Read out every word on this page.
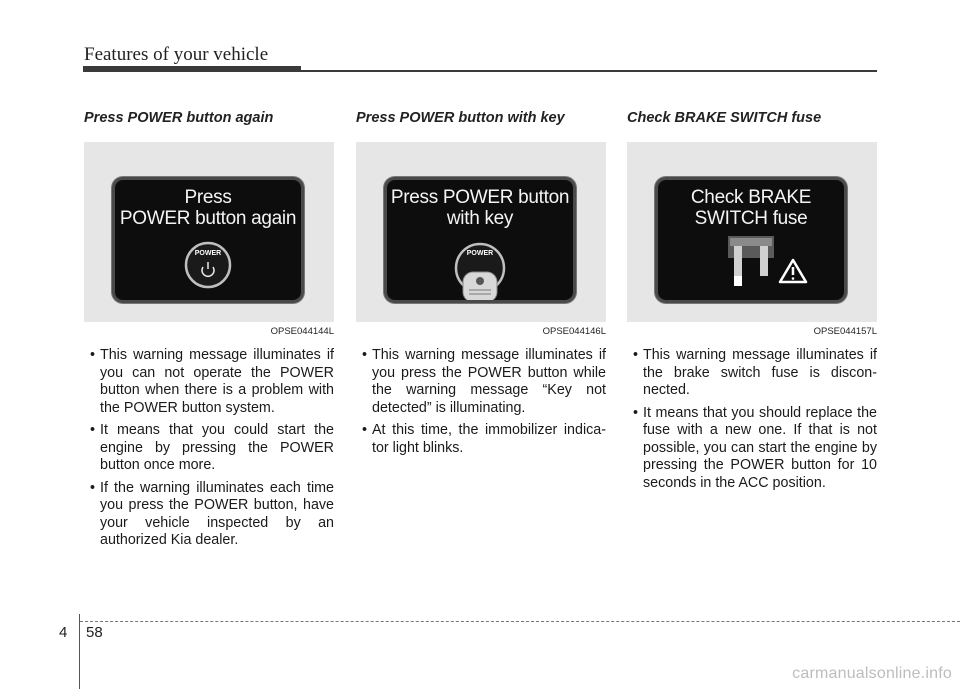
Features of your vehicle
Press POWER button again
Press
POWER button again
POWER
OPSE044144L
• This warning message illuminates if you can not operate the POWER button when there is a problem with the POWER button system.
• It means that you could start the engine by pressing the POWER button once more.
• If the warning illuminates each time you press the POWER button, have your vehicle inspected by an authorized Kia dealer.
Press POWER button with key
Press POWER button
with key
POWER
OPSE044146L
• This warning message illuminates if you press the POWER button while the warning message “Key not detected” is illuminating.
• At this time, the immobilizer indica-tor light blinks.
Check BRAKE SWITCH fuse
Check BRAKE
SWITCH fuse
OPSE044157L
• This warning message illuminates if the brake switch fuse is discon-nected.
• It means that you should replace the fuse with a new one. If that is not possible, you can start the engine by pressing the POWER button for 10 seconds in the ACC position.
4 58
carmanualsonline.info
